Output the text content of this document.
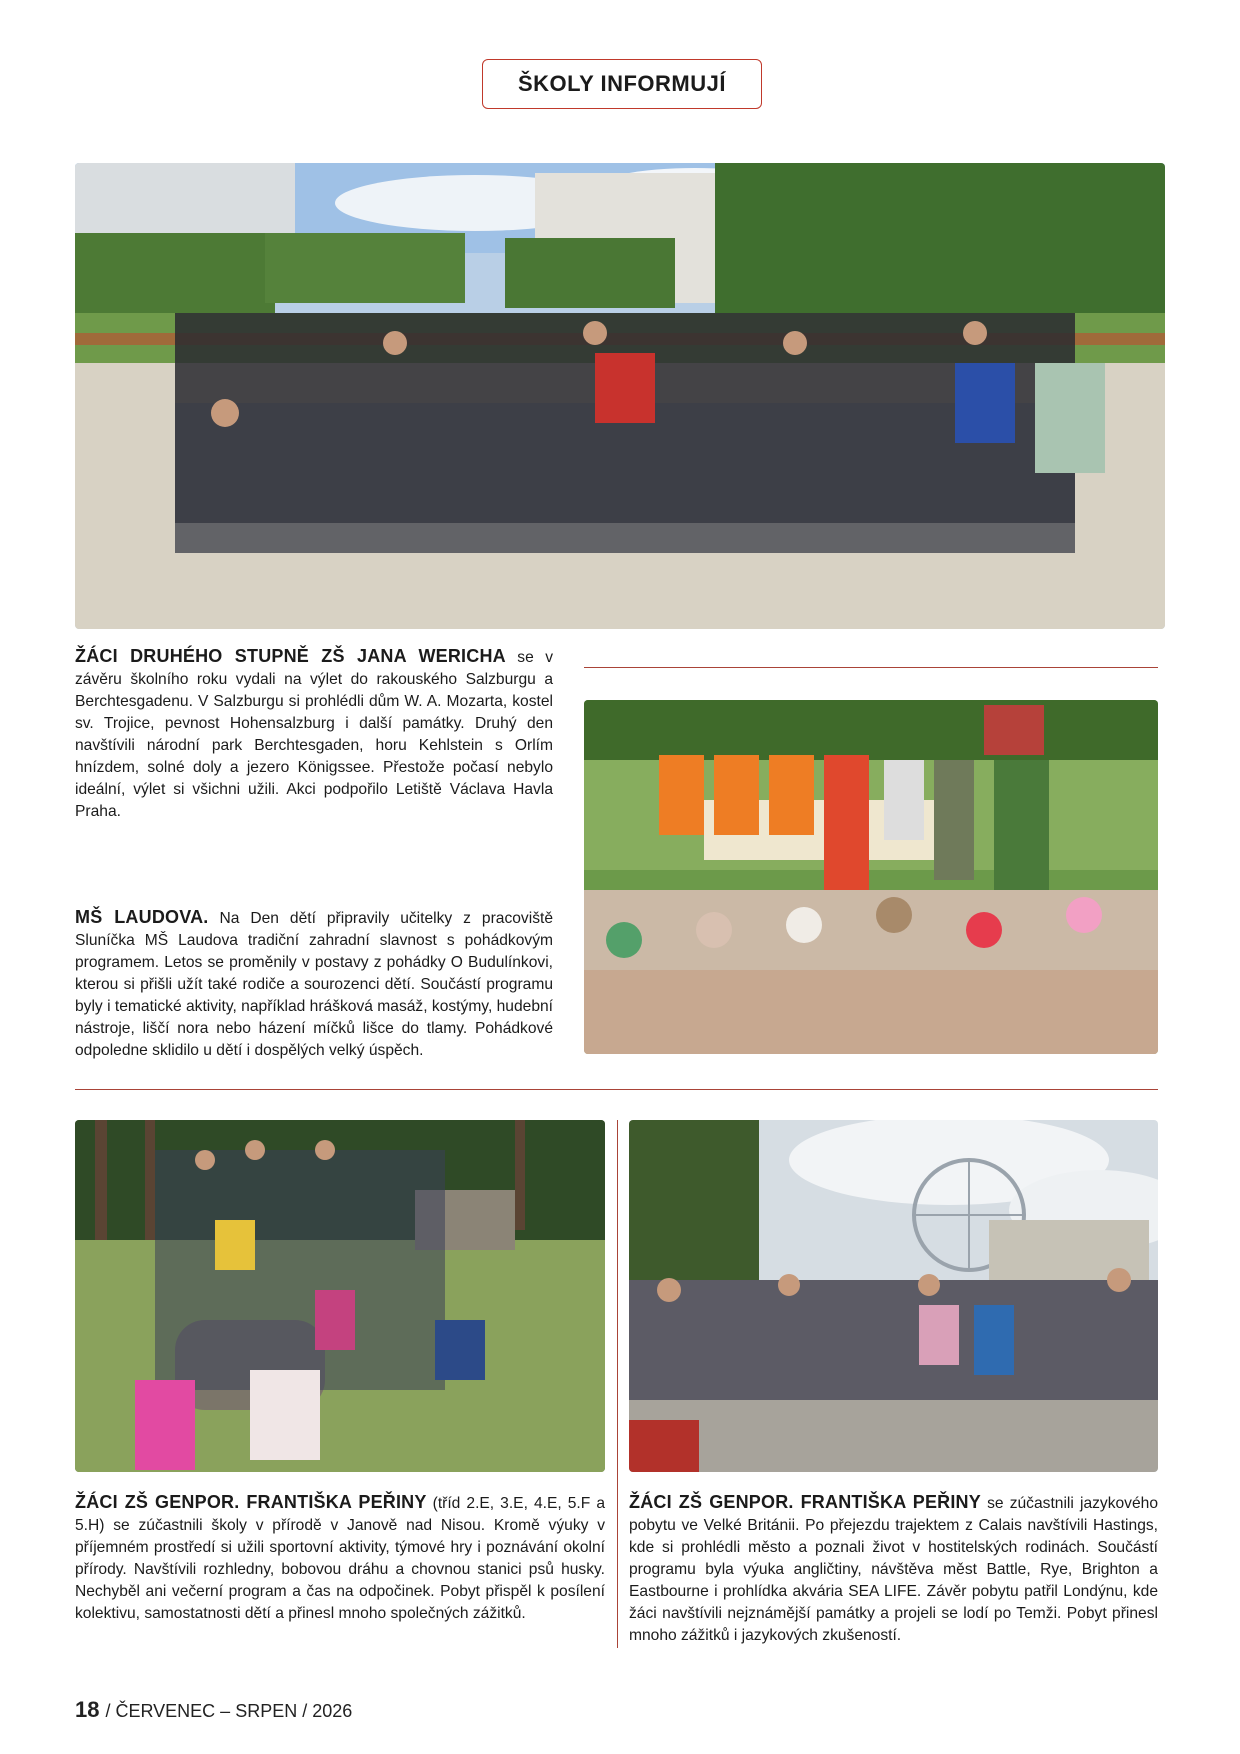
ŠKOLY INFORMUJÍ
ŽÁCI DRUHÉHO STUPNĚ ZŠ JANA WERICHA se v závěru školního roku vydali na výlet do rakouského Salzburgu a Berchtesgadenu. V Salzburgu si prohlédli dům W. A. Mozarta, kostel sv. Trojice, pevnost Hohensalzburg i další památky. Druhý den navštívili národní park Berchtesgaden, horu Kehlstein s Orlím hnízdem, solné doly a jezero Königssee. Přestože počasí nebylo ideální, výlet si všichni užili. Akci podpořilo Letiště Václava Havla Praha.
MŠ LAUDOVA. Na Den dětí připravily učitelky z pracoviště Sluníčka MŠ Laudova tradiční zahradní slavnost s pohádkovým programem. Letos se proměnily v postavy z pohádky O Budulínkovi, kterou si přišli užít také rodiče a sourozenci dětí. Součástí programu byly i tematické aktivity, například hrášková masáž, kostýmy, hudební nástroje, liščí nora nebo házení míčků lišce do tlamy. Pohádkové odpoledne sklidilo u dětí i dospělých velký úspěch.
ŽÁCI ZŠ GENPOR. FRANTIŠKA PEŘINY (tříd 2.E, 3.E, 4.E, 5.F a 5.H) se zúčastnili školy v přírodě v Janově nad Nisou. Kromě výuky v příjemném prostředí si užili sportovní aktivity, týmové hry i poznávání okolní přírody. Navštívili rozhledny, bobovou dráhu a chovnou stanici psů husky. Nechyběl ani večerní program a čas na odpočinek. Pobyt přispěl k posílení kolektivu, samostatnosti dětí a přinesl mnoho společných zážitků.
ŽÁCI ZŠ GENPOR. FRANTIŠKA PEŘINY se zúčastnili jazykového pobytu ve Velké Británii. Po přejezdu trajektem z Calais navštívili Hastings, kde si prohlédli město a poznali život v hostitelských rodinách. Součástí programu byla výuka angličtiny, návštěva měst Battle, Rye, Brighton a Eastbourne i prohlídka akvária SEA LIFE. Závěr pobytu patřil Londýnu, kde žáci navštívili nejznámější památky a projeli se lodí po Temži. Pobyt přinesl mnoho zážitků i jazykových zkušeností.
18 / ČERVENEC – SRPEN / 2026
